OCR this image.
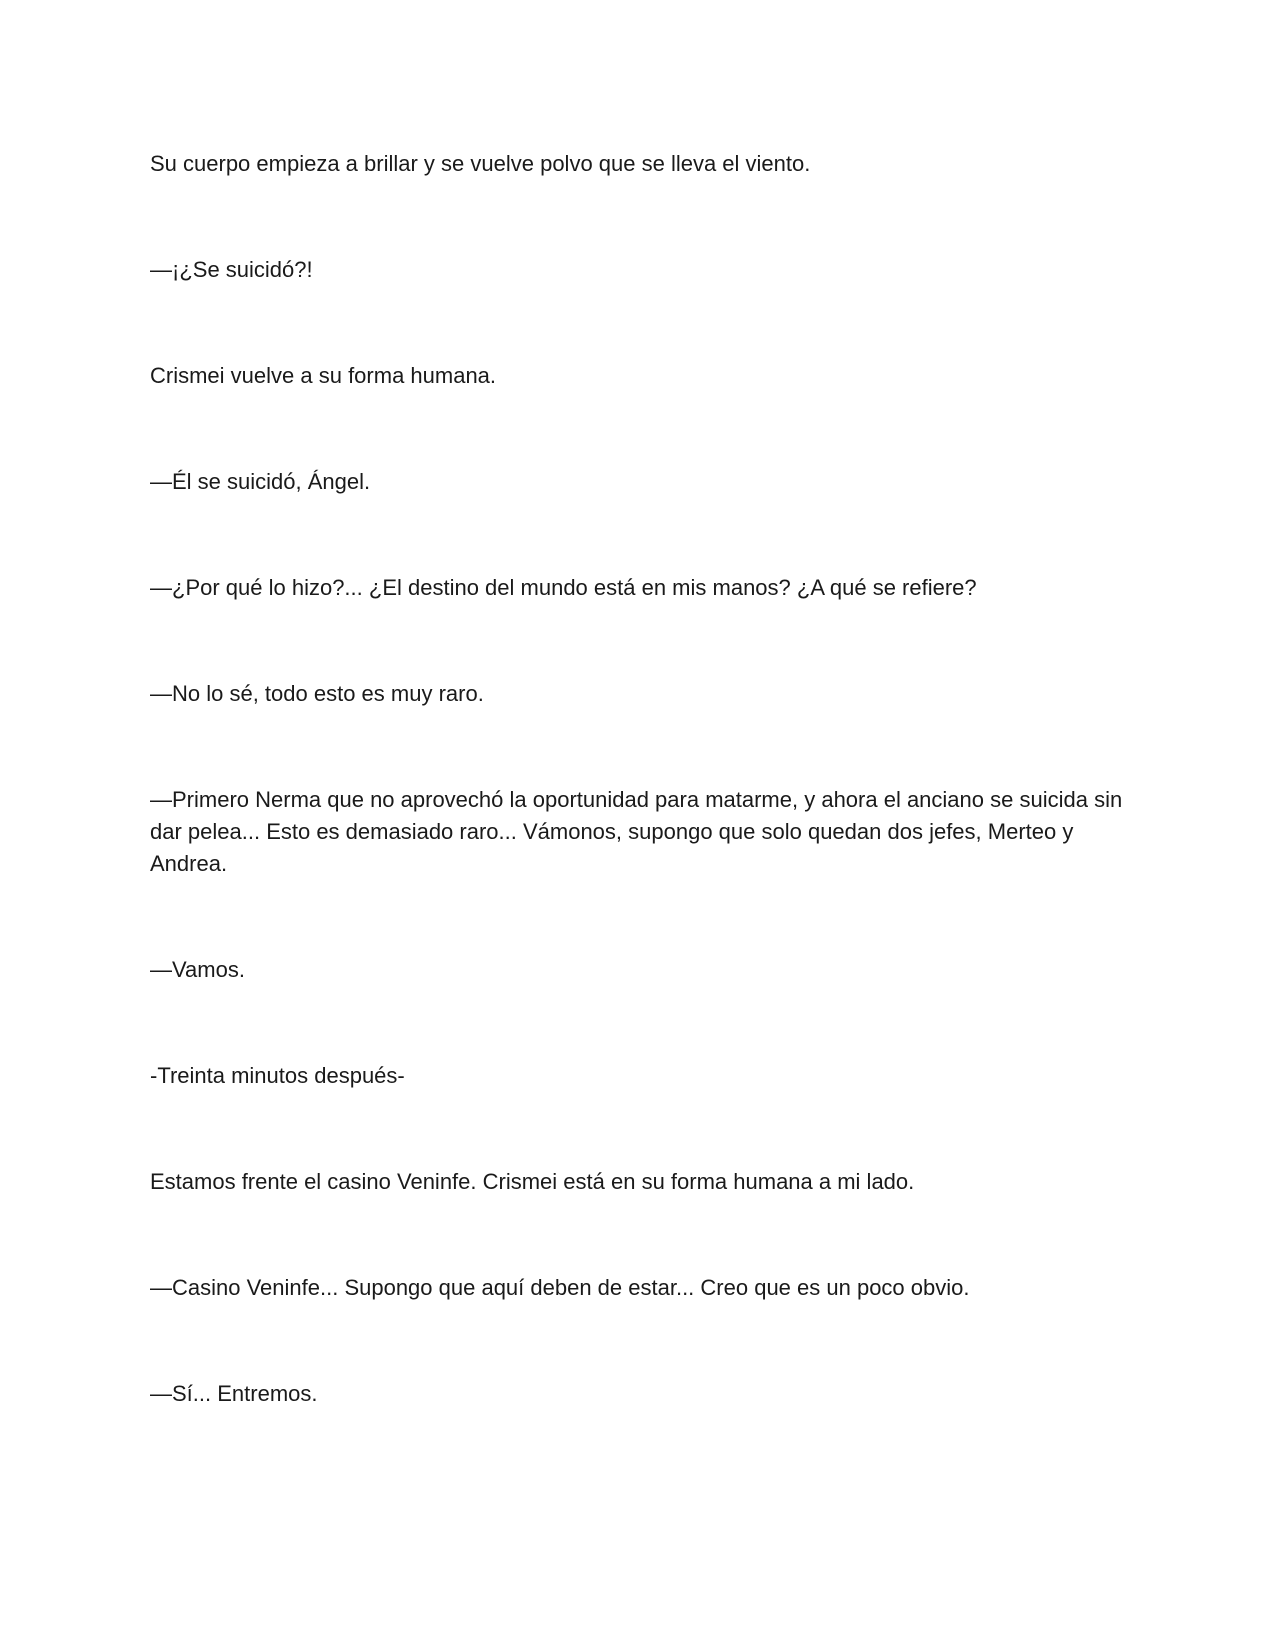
Su cuerpo empieza a brillar y se vuelve polvo que se lleva el viento.

—¡¿Se suicidó?!

Crismei vuelve a su forma humana.

—Él se suicidó, Ángel.

—¿Por qué lo hizo?... ¿El destino del mundo está en mis manos? ¿A qué se refiere?

—No lo sé, todo esto es muy raro.

—Primero Nerma que no aprovechó la oportunidad para matarme, y ahora el anciano se suicida sin dar pelea... Esto es demasiado raro... Vámonos, supongo que solo quedan dos jefes, Merteo y Andrea.

—Vamos.

-Treinta minutos después-

Estamos frente el casino Veninfe. Crismei está en su forma humana a mi lado.

—Casino Veninfe... Supongo que aquí deben de estar... Creo que es un poco obvio.

—Sí... Entremos.
